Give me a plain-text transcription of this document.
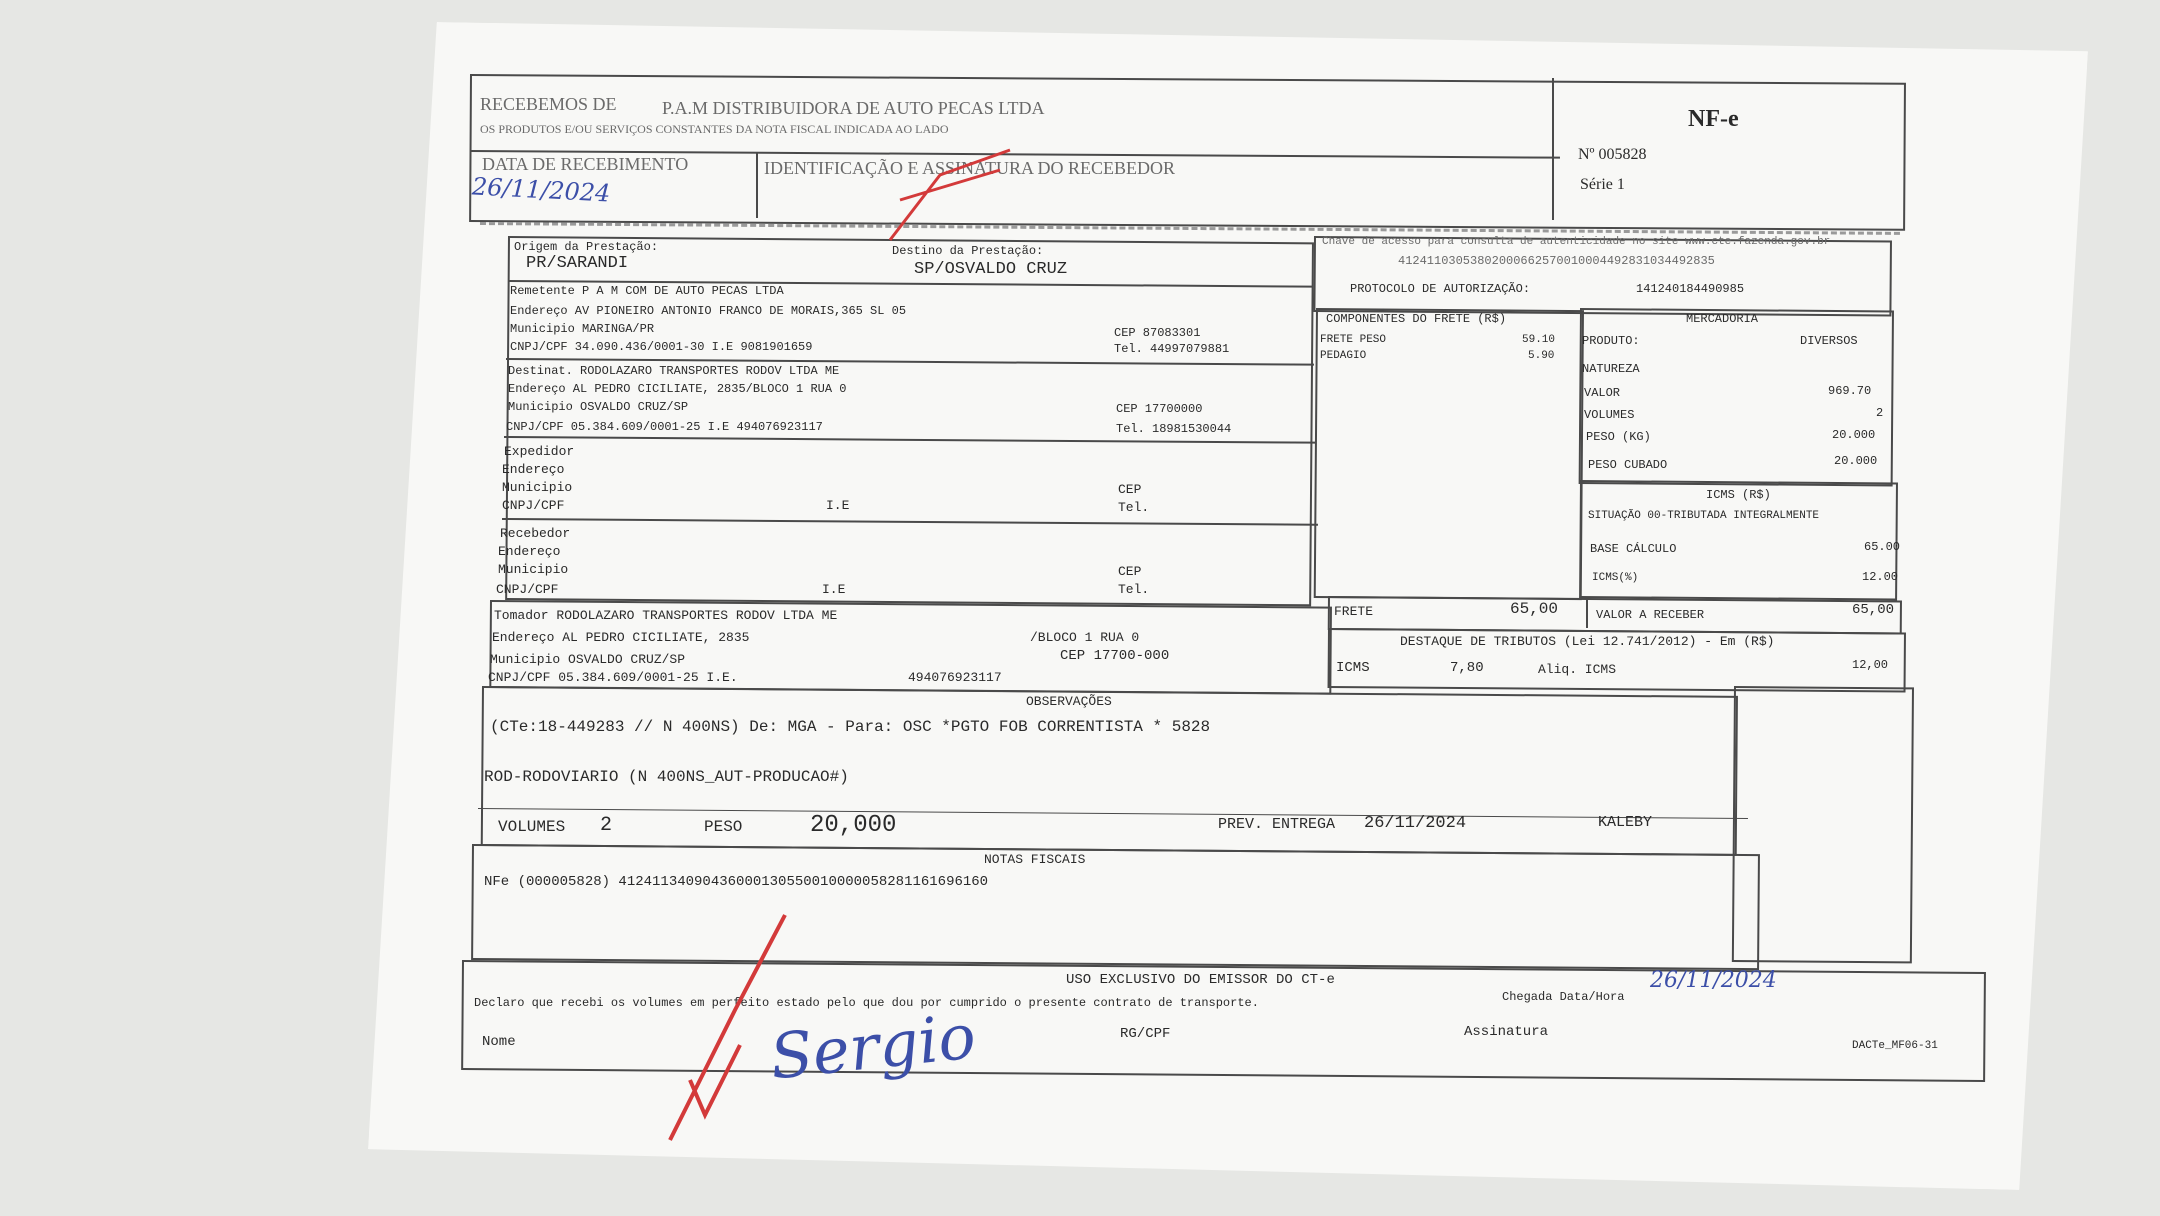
RECEBEMOS DE	P.A.M DISTRIBUIDORA DE AUTO PECAS LTDA
OS PRODUTOS E/OU SERVIÇOS CONSTANTES DA NOTA FISCAL INDICADA AO LADO
DATA DE RECEBIMENTO
26/11/2024
IDENTIFICAÇÃO E ASSINATURA DO RECEBEDOR
NF-e
Nº 005828
Série 1
Origem da Prestação:
PR/SARANDI
Destino da Prestação:
SP/OSVALDO CRUZ
Remetente P A M COM DE AUTO PECAS LTDA
Endereço AV PIONEIRO ANTONIO FRANCO DE MORAIS,365 SL 05
Municipio MARINGA/PR
CNPJ/CPF 34.090.436/0001-30 I.E 9081901659
CEP 87083301
Tel. 44997079881
Destinat. RODOLAZARO TRANSPORTES RODOV LTDA ME
Endereço AL PEDRO CICILIATE, 2835/BLOCO 1 RUA 0
Municipio OSVALDO CRUZ/SP
CNPJ/CPF 05.384.609/0001-25 I.E 494076923117
CEP 17700000
Tel. 18981530044
Expedidor
Endereço
Municipio
CNPJ/CPF	I.E
CEP
Tel.
Recebedor
Endereço
Municipio
CNPJ/CPF	I.E
CEP
Tel.
Tomador RODOLAZARO TRANSPORTES RODOV LTDA ME
Endereço AL PEDRO CICILIATE, 2835	/BLOCO 1 RUA 0
Municipio OSVALDO CRUZ/SP	CEP 17700-000
CNPJ/CPF 05.384.609/0001-25 I.E.	494076923117
Chave de acesso para consulta de autenticidade no site www.cte.fazenda.gov.br
41241103053802000662570010004492831034492835
PROTOCOLO DE AUTORIZAÇÃO:	141240184490985
COMPONENTES DO FRETE (R$)
FRETE PESO	59.10
PEDAGIO	5.90
MERCADORIA
PRODUTO:	DIVERSOS
NATUREZA
VALOR	969.70
VOLUMES	2
PESO (KG)	20.000
PESO CUBADO	20.000
ICMS (R$)
SITUAÇÃO 00-TRIBUTADA INTEGRALMENTE
BASE CÁLCULO	65.00
ICMS(%)	12.00
FRETE	65,00	VALOR A RECEBER	65,00
DESTAQUE DE TRIBUTOS (Lei 12.741/2012) - Em (R$)
ICMS	7,80	Aliq. ICMS	12,00
OBSERVAÇÕES
(CTe:18-449283 // N 400NS) De: MGA - Para: OSC *PGTO FOB CORRENTISTA * 5828
ROD-RODOVIARIO (N 400NS_AUT-PRODUCAO#)
VOLUMES 2	PESO	20,000	PREV. ENTREGA 26/11/2024	KALEBY
NOTAS FISCAIS
NFe (000005828) 41241134090436000130550010000058281161696160
USO EXCLUSIVO DO EMISSOR DO CT-e
Declaro que recebi os volumes em perfeito estado pelo que dou por cumprido o presente contrato de transporte.	Chegada Data/Hora
26/11/2024
Nome	RG/CPF	Assinatura
DACTe_MF06-31
Sergio
